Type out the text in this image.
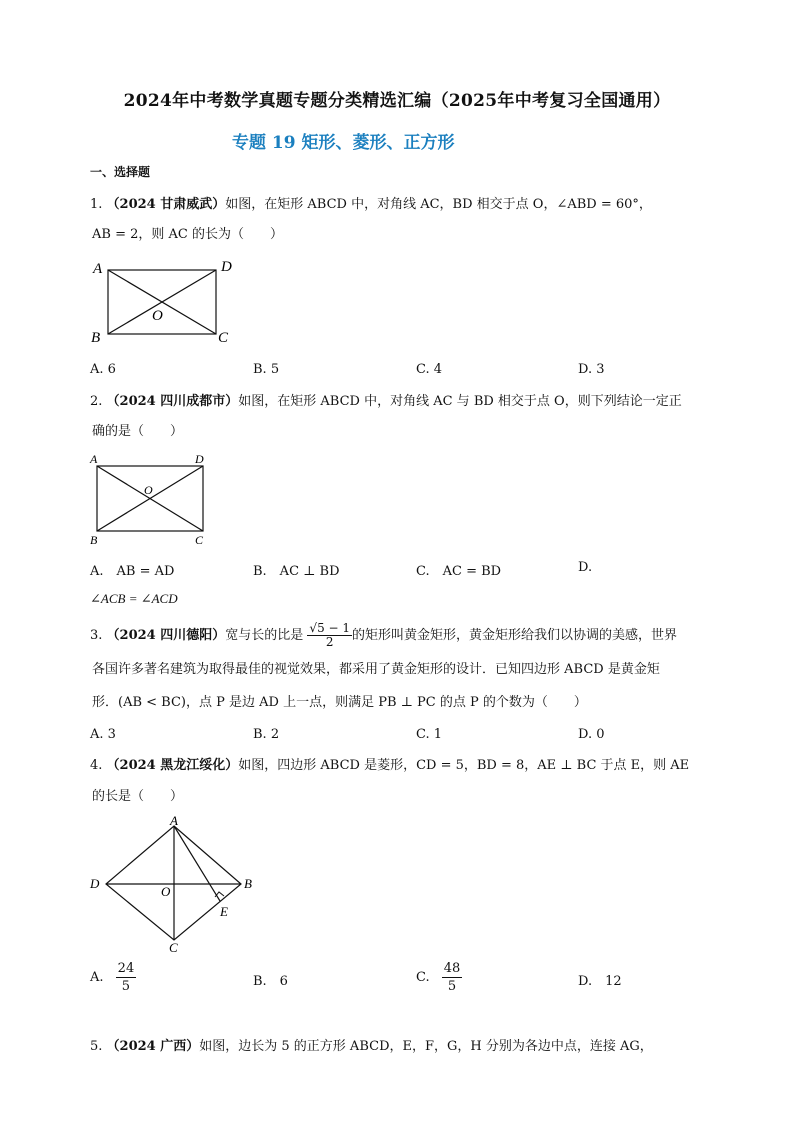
2024年中考数学真题专题分类精选汇编（2025年中考复习全国通用）
专题 19 矩形、菱形、正方形
一、选择题
1. （2024 甘肃威武）如图，在矩形 ABCD 中，对角线 AC，BD 相交于点 O，∠ABD = 60°，
AB = 2，则 AC 的长为（　　）
A	D
B	C
O
A. 6	B. 5	C. 4	D. 3
2. （2024 四川成都市）如图，在矩形 ABCD 中，对角线 AC 与 BD 相交于点 O，则下列结论一定正
确的是（　　）
A	D
B	C
O
A.　AB = AD	B.　AC ⊥ BD	C.　AC = BD	D.
∠ACB = ∠ACD
3. （2024 四川德阳）宽与长的比是 $\frac{√5 - 1}{2}$ 的矩形叫黄金矩形，黄金矩形给我们以协调的美感，世界
各国许多著名建筑为取得最佳的视觉效果，都采用了黄金矩形的设计．已知四边形 ABCD 是黄金矩
形．(AB < BC)，点 P 是边 AD 上一点，则满足 PB ⊥ PC 的点 P 的个数为（　　）
A. 3	B. 2	C. 1	D. 0
4. （2024 黑龙江绥化）如图，四边形 ABCD 是菱形，CD = 5，BD = 8，AE ⊥ BC 于点 E，则 AE
的长是（　　）
A
B
C
D
O
E
A. $\frac{24}{5}$	B.　6	C. $\frac{48}{5}$	D.　12
5. （2024 广西）如图，边长为 5 的正方形 ABCD，E，F，G，H 分别为各边中点，连接 AG，
